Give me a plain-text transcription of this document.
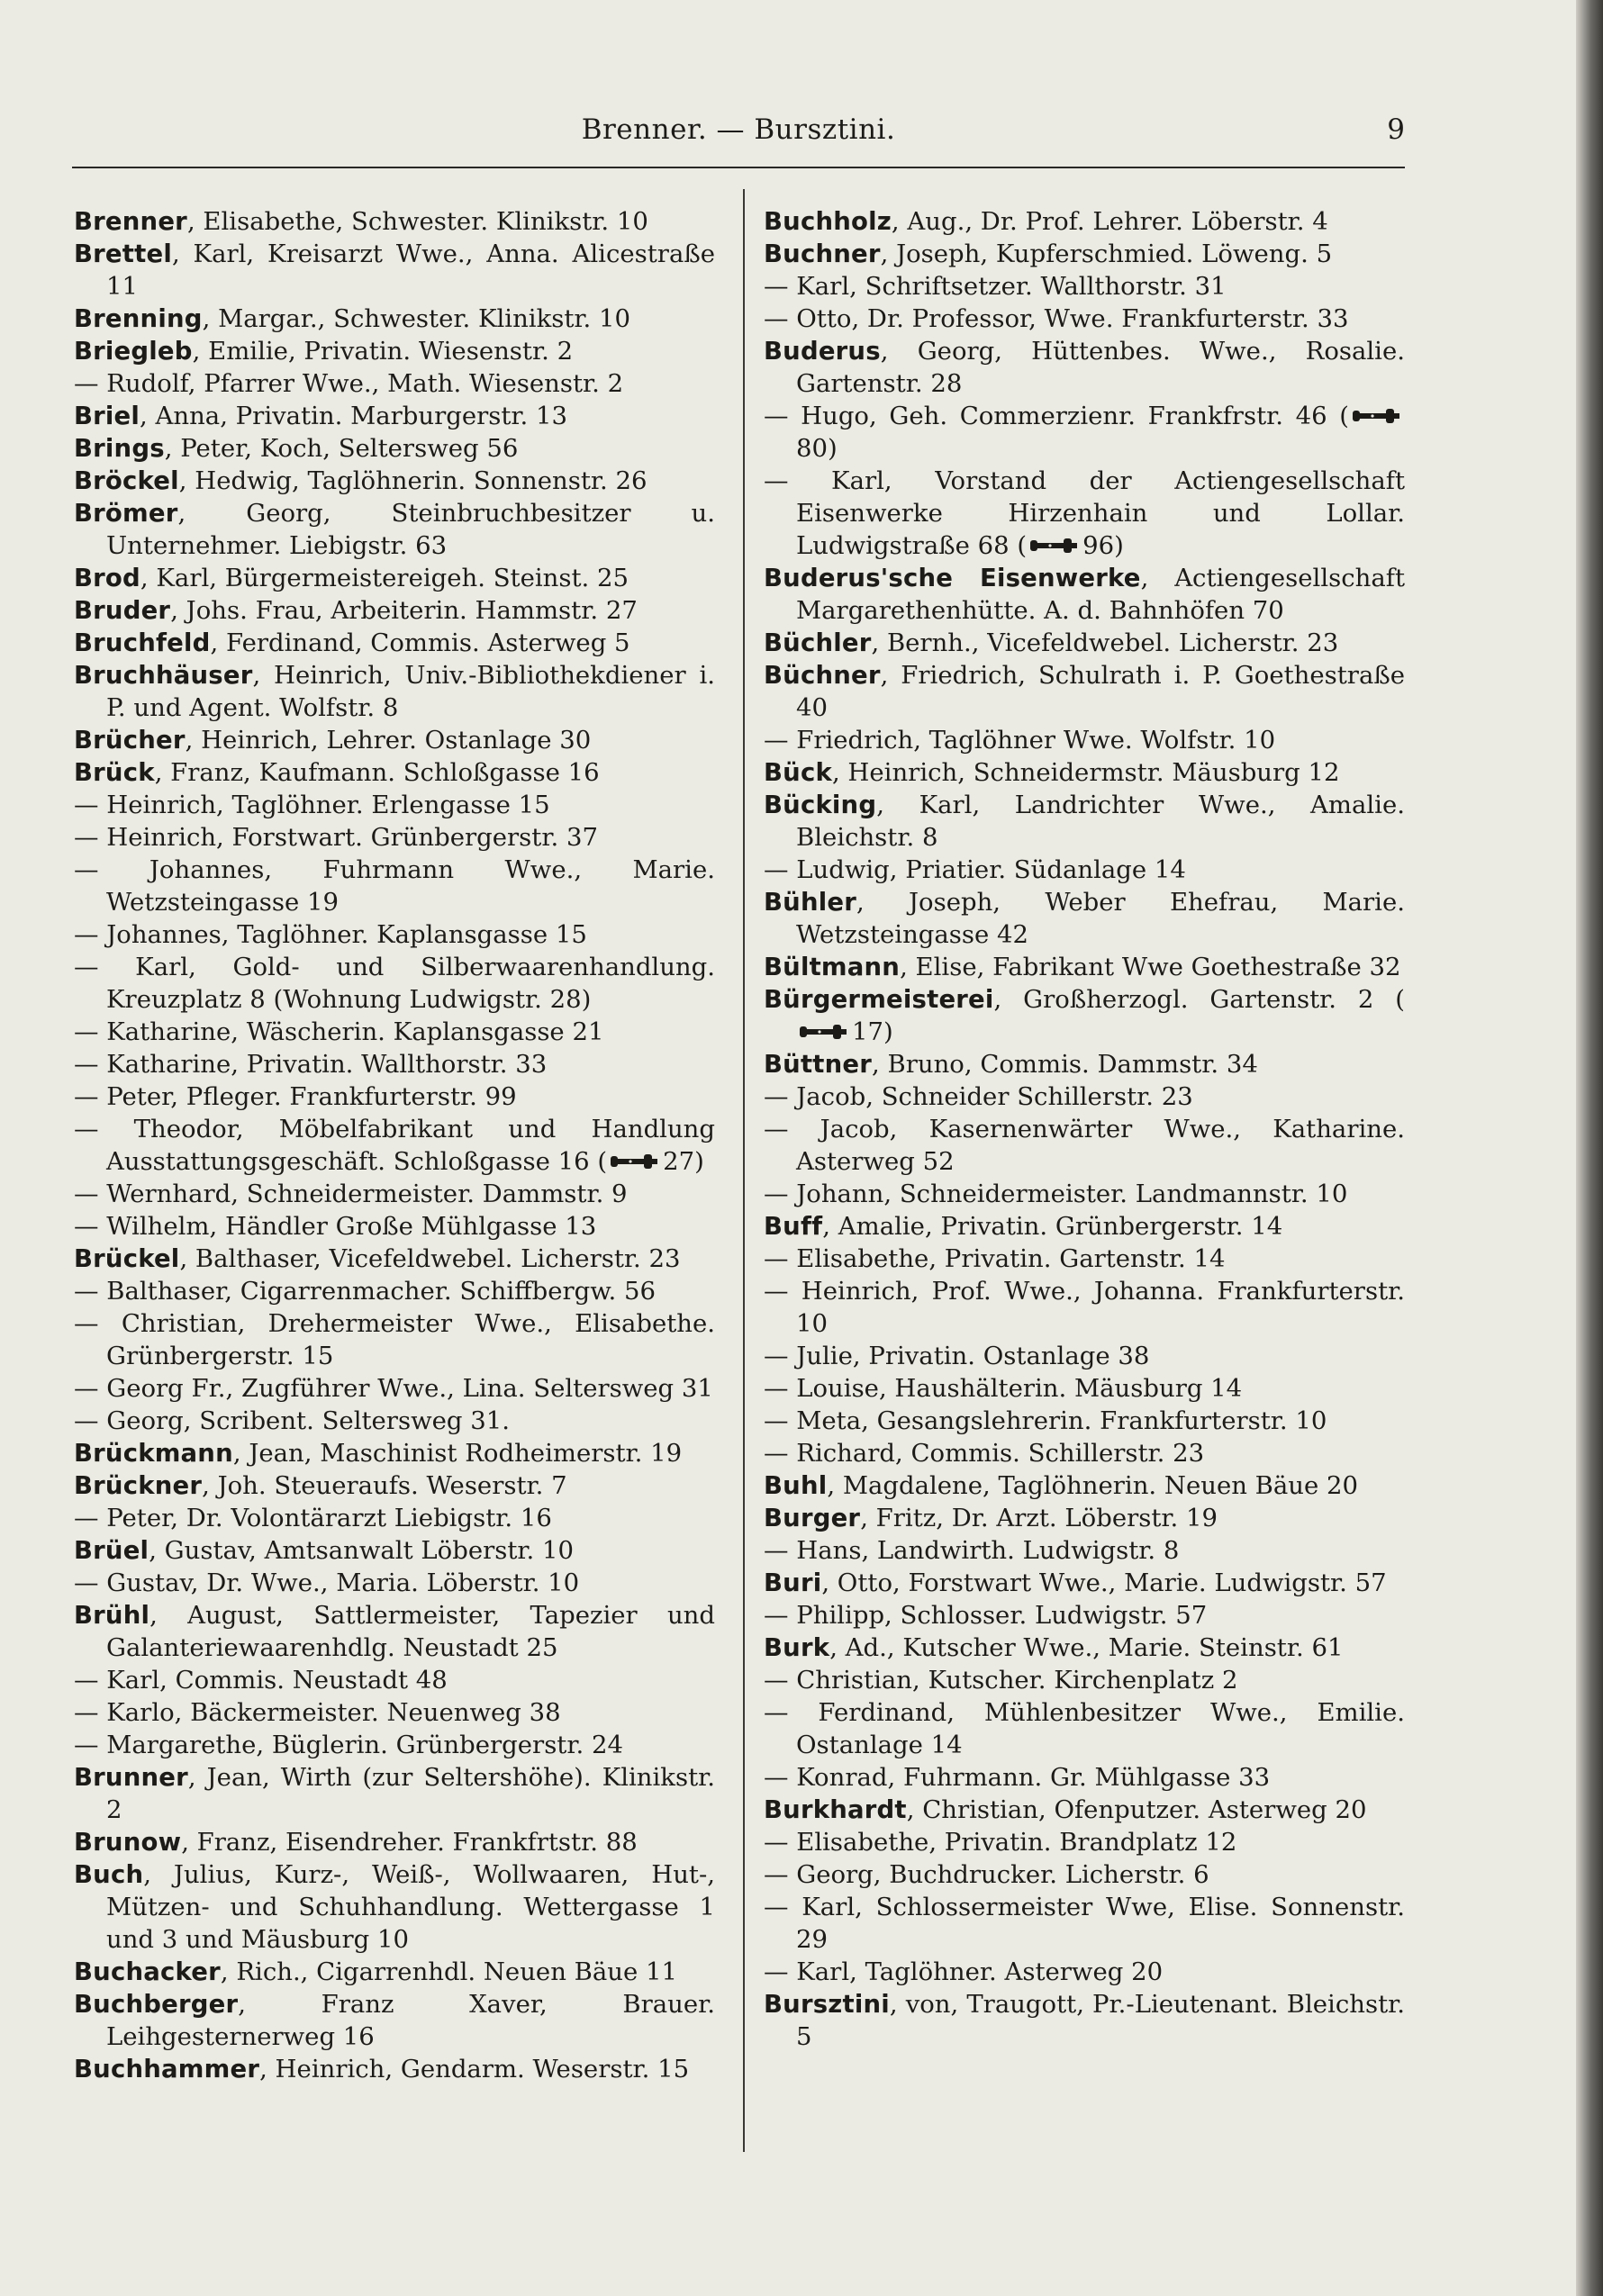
Brenner. — Bursztini.	9
Brenner, Elisabethe, Schwester. Klinikstr. 10
Brettel, Karl, Kreisarzt Wwe., Anna. Alicestraße 11
Brenning, Margar., Schwester. Klinikstr. 10
Briegleb, Emilie, Privatin. Wiesenstr. 2
— Rudolf, Pfarrer Wwe., Math. Wiesenstr. 2
Briel, Anna, Privatin. Marburgerstr. 13
Brings, Peter, Koch, Seltersweg 56
Bröckel, Hedwig, Taglöhnerin. Sonnenstr. 26
Brömer, Georg, Steinbruchbesitzer u. Unternehmer. Liebigstr. 63
Brod, Karl, Bürgermeistereigeh. Steinst. 25
Bruder, Johs. Frau, Arbeiterin. Hammstr. 27
Bruchfeld, Ferdinand, Commis. Asterweg 5
Bruchhäuser, Heinrich, Univ.-Bibliothekdiener i. P. und Agent. Wolfstr. 8
Brücher, Heinrich, Lehrer. Ostanlage 30
Brück, Franz, Kaufmann. Schloßgasse 16
— Heinrich, Taglöhner. Erlengasse 15
— Heinrich, Forstwart. Grünbergerstr. 37
— Johannes, Fuhrmann Wwe., Marie. Wetzsteingasse 19
— Johannes, Taglöhner. Kaplansgasse 15
— Karl, Gold- und Silberwaarenhandlung. Kreuzplatz 8 (Wohnung Ludwigstr. 28)
— Katharine, Wäscherin. Kaplansgasse 21
— Katharine, Privatin. Wallthorstr. 33
— Peter, Pfleger. Frankfurterstr. 99
— Theodor, Möbelfabrikant und Handlung Ausstattungsgeschäft. Schloßgasse 16 ( 27)
— Wernhard, Schneidermeister. Dammstr. 9
— Wilhelm, Händler Große Mühlgasse 13
Brückel, Balthaser, Vicefeldwebel. Licherstr. 23
— Balthaser, Cigarrenmacher. Schiffbergw. 56
— Christian, Drehermeister Wwe., Elisabethe. Grünbergerstr. 15
— Georg Fr., Zugführer Wwe., Lina. Seltersweg 31
— Georg, Scribent. Seltersweg 31.
Brückmann, Jean, Maschinist Rodheimerstr. 19
Brückner, Joh. Steueraufs. Weserstr. 7
— Peter, Dr. Volontärarzt Liebigstr. 16
Brüel, Gustav, Amtsanwalt Löberstr. 10
— Gustav, Dr. Wwe., Maria. Löberstr. 10
Brühl, August, Sattlermeister, Tapezier und Galanteriewaarenhdlg. Neustadt 25
— Karl, Commis. Neustadt 48
— Karlo, Bäckermeister. Neuenweg 38
— Margarethe, Büglerin. Grünbergerstr. 24
Brunner, Jean, Wirth (zur Seltershöhe). Klinikstr. 2
Brunow, Franz, Eisendreher. Frankfrtstr. 88
Buch, Julius, Kurz-, Weiß-, Wollwaaren, Hut-, Mützen- und Schuhhandlung. Wettergasse 1 und 3 und Mäusburg 10
Buchacker, Rich., Cigarrenhdl. Neuen Bäue 11
Buchberger, Franz Xaver, Brauer. Leihgesternerweg 16
Buchhammer, Heinrich, Gendarm. Weserstr. 15
Buchholz, Aug., Dr. Prof. Lehrer. Löberstr. 4
Buchner, Joseph, Kupferschmied. Löweng. 5
— Karl, Schriftsetzer. Wallthorstr. 31
— Otto, Dr. Professor, Wwe. Frankfurterstr. 33
Buderus, Georg, Hüttenbes. Wwe., Rosalie. Gartenstr. 28
— Hugo, Geh. Commerzienr. Frankfrstr. 46 (
80)
— Karl, Vorstand der Actiengesellschaft Eisenwerke Hirzenhain und Lollar. Ludwigstraße 68 ( 96)
Buderus'sche Eisenwerke, Actiengesellschaft Margarethenhütte. A. d. Bahnhöfen 70
Büchler, Bernh., Vicefeldwebel. Licherstr. 23
Büchner, Friedrich, Schulrath i. P. Goethestraße 40
— Friedrich, Taglöhner Wwe. Wolfstr. 10
Bück, Heinrich, Schneidermstr. Mäusburg 12
Bücking, Karl, Landrichter Wwe., Amalie. Bleichstr. 8
— Ludwig, Priatier. Südanlage 14
Bühler, Joseph, Weber Ehefrau, Marie. Wetzsteingasse 42
Bültmann, Elise, Fabrikant Wwe Goethestraße 32
Bürgermeisterei, Großherzogl. Gartenstr. 2 (
17)
Büttner, Bruno, Commis. Dammstr. 34
— Jacob, Schneider Schillerstr. 23
— Jacob, Kasernenwärter Wwe., Katharine. Asterweg 52
— Johann, Schneidermeister. Landmannstr. 10
Buff, Amalie, Privatin. Grünbergerstr. 14
— Elisabethe, Privatin. Gartenstr. 14
— Heinrich, Prof. Wwe., Johanna. Frankfurterstr. 10
— Julie, Privatin. Ostanlage 38
— Louise, Haushälterin. Mäusburg 14
— Meta, Gesangslehrerin. Frankfurterstr. 10
— Richard, Commis. Schillerstr. 23
Buhl, Magdalene, Taglöhnerin. Neuen Bäue 20
Burger, Fritz, Dr. Arzt. Löberstr. 19
— Hans, Landwirth. Ludwigstr. 8
Buri, Otto, Forstwart Wwe., Marie. Ludwigstr. 57
— Philipp, Schlosser. Ludwigstr. 57
Burk, Ad., Kutscher Wwe., Marie. Steinstr. 61
— Christian, Kutscher. Kirchenplatz 2
— Ferdinand, Mühlenbesitzer Wwe., Emilie. Ostanlage 14
— Konrad, Fuhrmann. Gr. Mühlgasse 33
Burkhardt, Christian, Ofenputzer. Asterweg 20
— Elisabethe, Privatin. Brandplatz 12
— Georg, Buchdrucker. Licherstr. 6
— Karl, Schlossermeister Wwe, Elise. Sonnenstr. 29
— Karl, Taglöhner. Asterweg 20
Bursztini, von, Traugott, Pr.-Lieutenant. Bleichstr. 5
